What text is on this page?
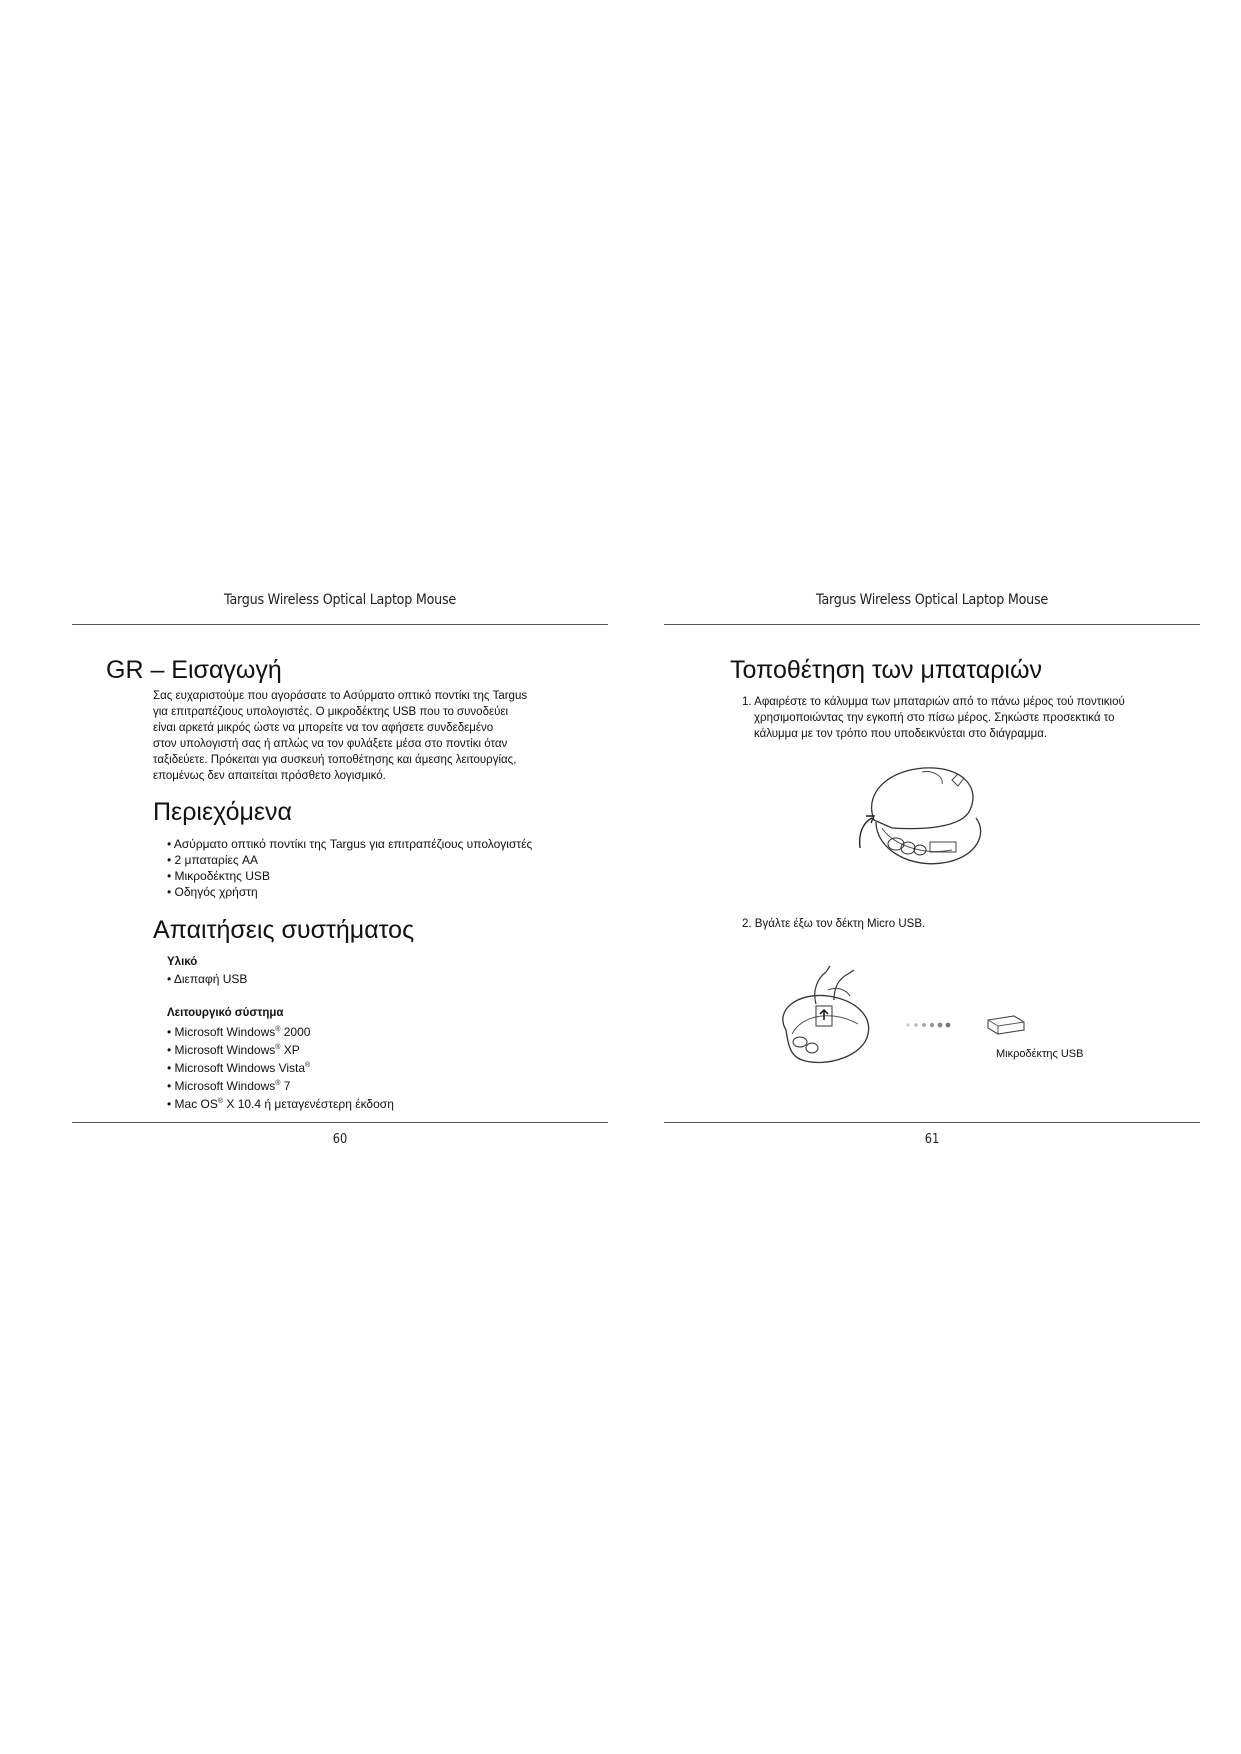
Targus Wireless Optical Laptop Mouse
GR – Εισαγωγή

Σας ευχαριστούμε που αγοράσατε το Ασύρματο οπτικό ποντίκι της Targus

για επιτραπέζιους υπολογιστές. Ο μικροδέκτης USB που το συνοδεύει

είναι αρκετά μικρός ώστε να μπορείτε να τον αφήσετε συνδεδεμένο

στον υπολογιστή σας ή απλώς να τον φυλάξετε μέσα στο ποντίκι όταν

ταξιδεύετε. Πρόκειται για συσκευή τοποθέτησης και άμεσης λειτουργίας,

επομένως δεν απαιτείται πρόσθετο λογισμικό.

Περιεχόμενα
• Ασύρματο οπτικό ποντίκι της Targus για επιτραπέζιους υπολογιστές
• 2 μπαταρίες AA
• Μικροδέκτης USB
• Οδηγός χρήστη
Απαιτήσεις συστήματος
Υλικό
• Διεπαφή USB
Λειτουργικό σύστημα
• Microsoft Windows® 2000
• Microsoft Windows® XP
• Microsoft Windows Vista®
• Microsoft Windows® 7
• Mac OS® X 10.4 ή μεταγενέστερη έκδοση
60
Targus Wireless Optical Laptop Mouse
Τοποθέτηση των μπαταριών
1. Αφαιρέστε το κάλυμμα των μπαταριών από το πάνω μέρος τού ποντικιού
χρησιμοποιώντας την εγκοπή στο πίσω μέρος. Σηκώστε προσεκτικά το
κάλυμμα με τον τρόπο που υποδεικνύεται στο διάγραμμα.
2. Βγάλτε έξω τον δέκτη Micro USB.
Μικροδέκτης USB
61
